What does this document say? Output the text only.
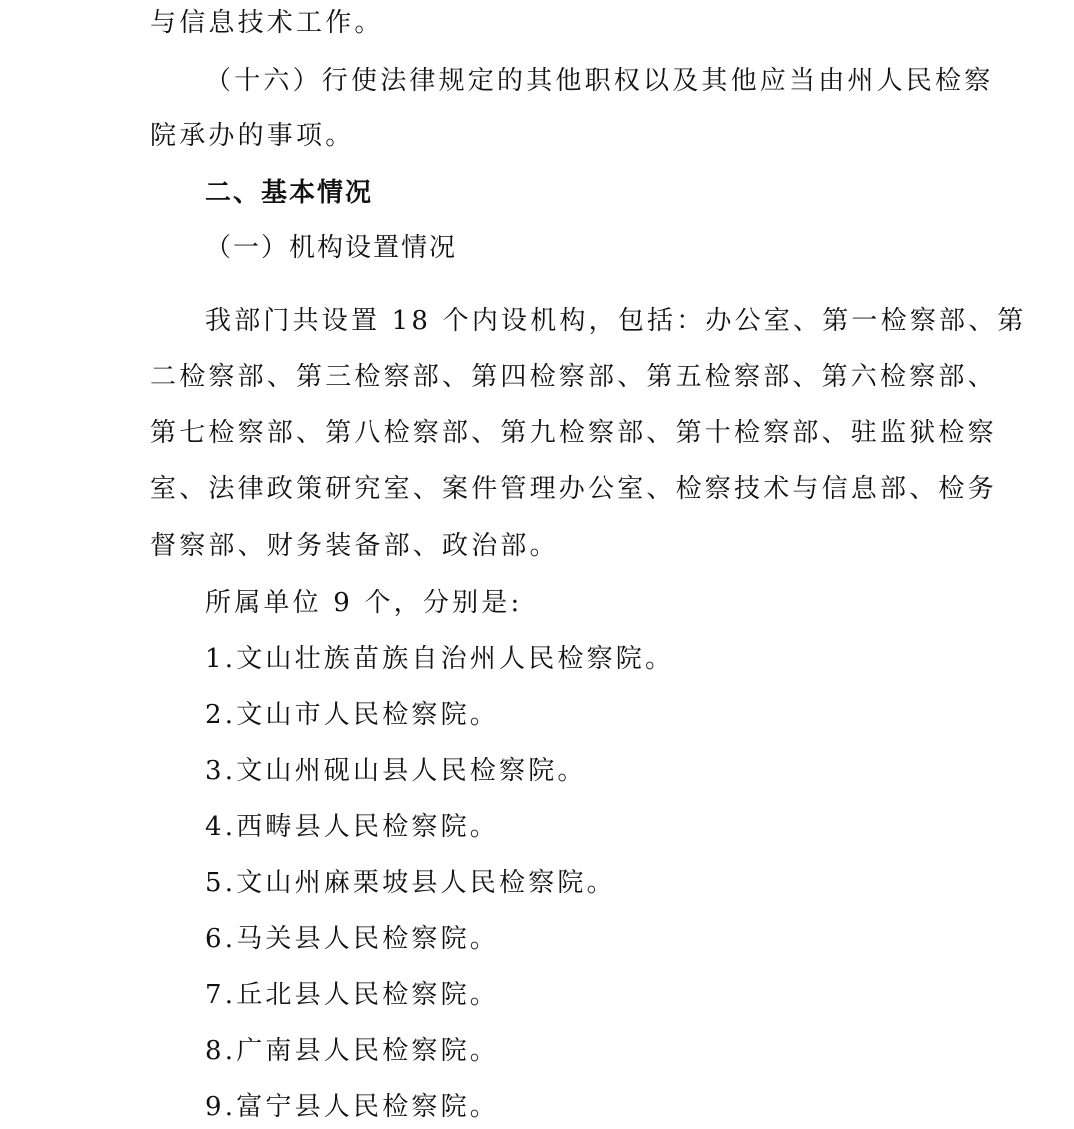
与信息技术工作。
（十六）行使法律规定的其他职权以及其他应当由州人民检察
院承办的事项。
二、基本情况
（一）机构设置情况
我部门共设置 18 个内设机构，包括：办公室、第一检察部、第
二检察部、第三检察部、第四检察部、第五检察部、第六检察部、
第七检察部、第八检察部、第九检察部、第十检察部、驻监狱检察
室、法律政策研究室、案件管理办公室、检察技术与信息部、检务
督察部、财务装备部、政治部。
所属单位 9 个，分别是:
1.文山壮族苗族自治州人民检察院。
2.文山市人民检察院。
3.文山州砚山县人民检察院。
4.西畴县人民检察院。
5.文山州麻栗坡县人民检察院。
6.马关县人民检察院。
7.丘北县人民检察院。
8.广南县人民检察院。
9.富宁县人民检察院。
